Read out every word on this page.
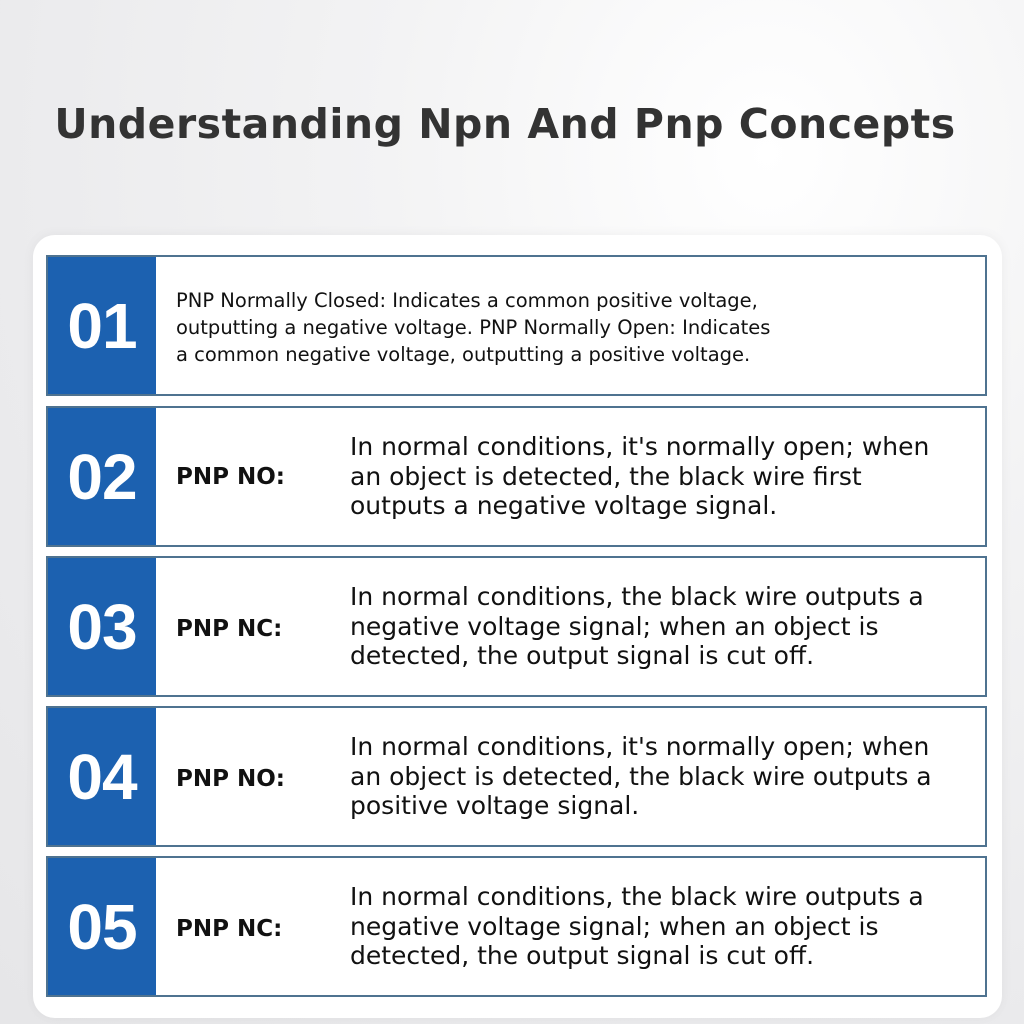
Understanding Npn And Pnp Concepts
01 PNP Normally Closed: Indicates a common positive voltage,
outputting a negative voltage. PNP Normally Open: Indicates
a common negative voltage, outputting a positive voltage.
02 PNP NO:
In normal conditions, it's normally open; when
an object is detected, the black wire first
outputs a negative voltage signal.
03 PNP NC:
In normal conditions, the black wire outputs a
negative voltage signal; when an object is
detected, the output signal is cut off.
04 PNP NO:
In normal conditions, it's normally open; when
an object is detected, the black wire outputs a
positive voltage signal.
05 PNP NC:
In normal conditions, the black wire outputs a
negative voltage signal; when an object is
detected, the output signal is cut off.
